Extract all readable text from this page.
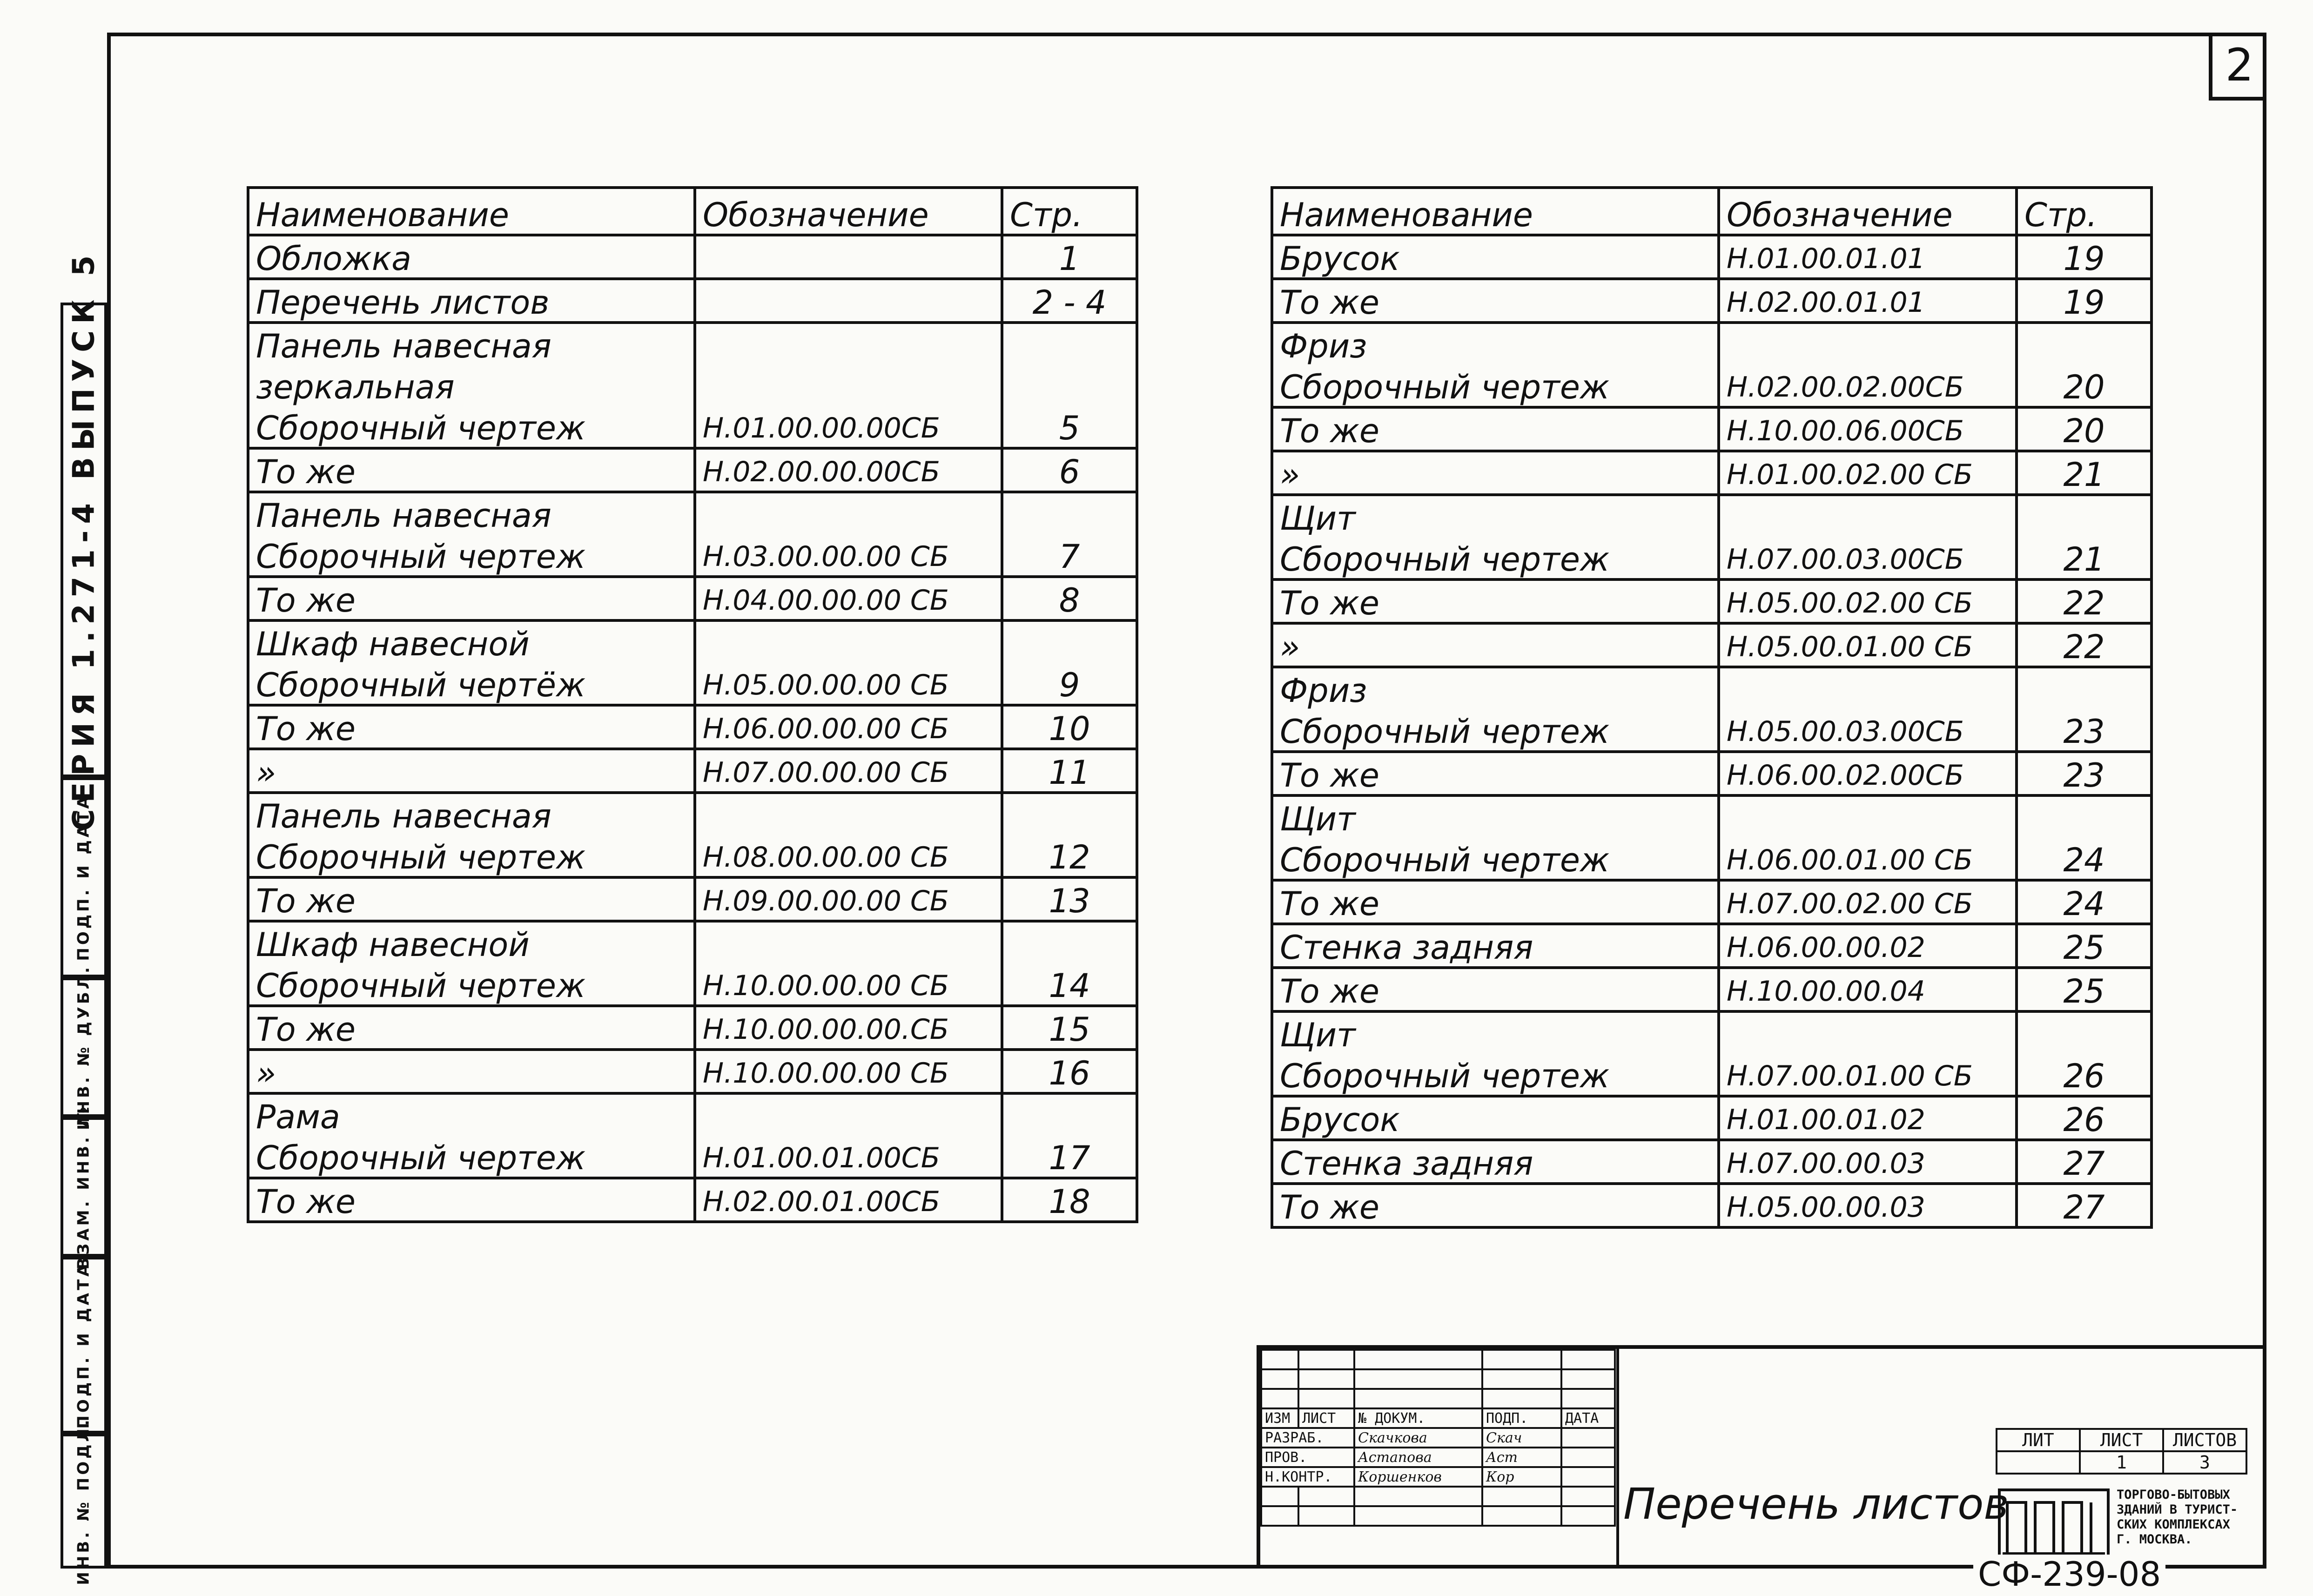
2
СЕРИЯ 1.271-4 ВЫПУСК 5
ПОДП. И ДАТА
ИНВ. № ДУБЛ.
ВЗАМ. ИНВ. №
ПОДП. И ДАТА
ИНВ. № ПОДЛ.
Наименование	Обозначение	Стр.
Обложка		1
Перечень листов		2 - 4
Панель навесная		
зеркальная		
Сборочный чертеж	Н.01.00.00.00СБ	5
То же	Н.02.00.00.00СБ	6
Панель навесная		
Сборочный чертеж	Н.03.00.00.00 СБ	7
То же	Н.04.00.00.00 СБ	8
Шкаф навесной		
Сборочный чертёж	Н.05.00.00.00 СБ	9
То же	Н.06.00.00.00 СБ	10
»	Н.07.00.00.00 СБ	11
Панель навесная		
Сборочный чертеж	Н.08.00.00.00 СБ	12
То же	Н.09.00.00.00 СБ	13
Шкаф навесной		
Сборочный чертеж	Н.10.00.00.00 СБ	14
То же	Н.10.00.00.00.СБ	15
»	Н.10.00.00.00 СБ	16
Рама		
Сборочный чертеж	Н.01.00.01.00СБ	17
То же	Н.02.00.01.00СБ	18
Наименование	Обозначение	Стр.
Брусок	Н.01.00.01.01	19
То же	Н.02.00.01.01	19
Фриз		
Сборочный чертеж	Н.02.00.02.00СБ	20
То же	Н.10.00.06.00СБ	20
»	Н.01.00.02.00 СБ	21
Щит		
Сборочный чертеж	Н.07.00.03.00СБ	21
То же	Н.05.00.02.00 СБ	22
»	Н.05.00.01.00 СБ	22
Фриз		
Сборочный чертеж	Н.05.00.03.00СБ	23
То же	Н.06.00.02.00СБ	23
Щит		
Сборочный чертеж	Н.06.00.01.00 СБ	24
То же	Н.07.00.02.00 СБ	24
Стенка задняя	Н.06.00.00.02	25
То же	Н.10.00.00.04	25
Щит		
Сборочный чертеж	Н.07.00.01.00 СБ	26
Брусок	Н.01.00.01.02	26
Стенка задняя	Н.07.00.00.03	27
То же	Н.05.00.00.03	27

ИЗМ	ЛИСТ	№ ДОКУМ.	ПОДП.	ДАТА
РАЗРАБ.		Скачкова	Скач	
ПРОВ.		Астапова	Аст	
Н.КОНТР.		Коршенков	Кор	

Перечень листов
ЛИТ	ЛИСТ	ЛИСТОВ
	1	3
ТОРГОВО-БЫТОВЫХ
ЗДАНИЙ В ТУРИСТ-
СКИХ КОМПЛЕКСАХ
Г. МОСКВА.
СФ-239-08
